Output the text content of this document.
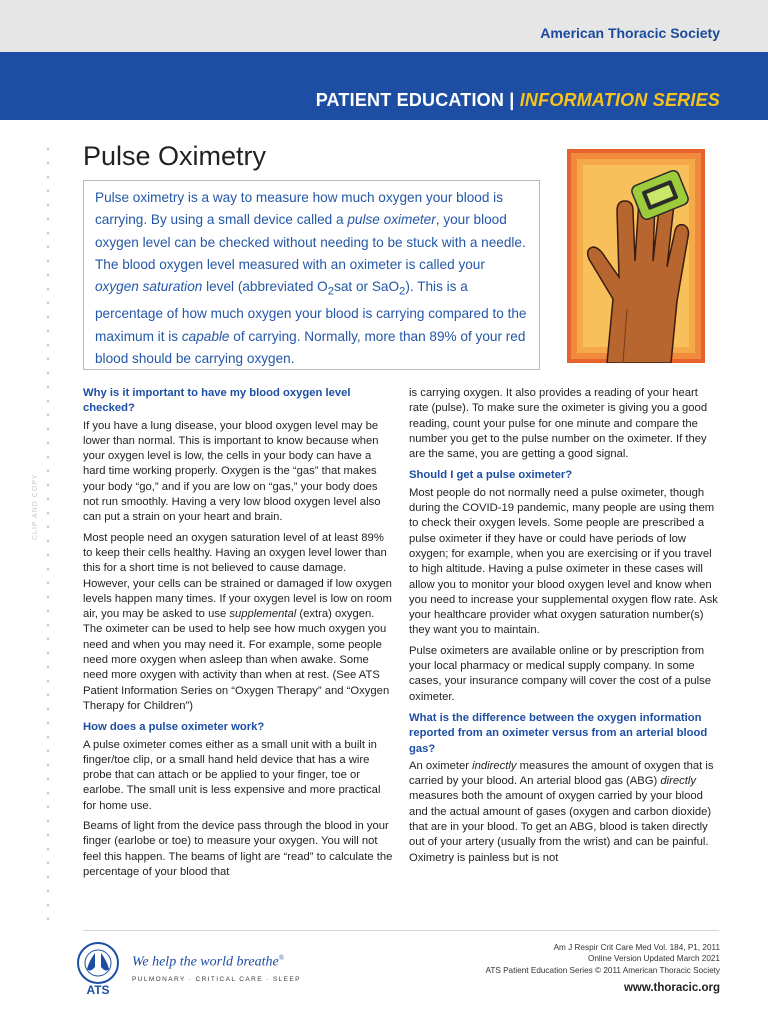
American Thoracic Society
PATIENT EDUCATION | INFORMATION SERIES
CLIP AND COPY
Pulse Oximetry

Pulse oximetry is a way to measure how much oxygen your blood is carrying. By using a small device called a pulse oximeter, your blood oxygen level can be checked without needing to be stuck with a needle. The blood oxygen level measured with an oximeter is called your oxygen saturation level (abbreviated $O_2sat$ or SaO$_2$). This is a percentage of how much oxygen your blood is carrying compared to the maximum it is capable of carrying. Normally, more than 89% of your red blood should be carrying oxygen.

Why is it important to have my blood oxygen level checked?

If you have a lung disease, your blood oxygen level may be lower than normal. This is important to know because when your oxygen level is low, the cells in your body can have a hard time working properly. Oxygen is the “gas” that makes your body “go,” and if you are low on “gas,” your body does not run smoothly. Having a very low blood oxygen level also can put a strain on your heart and brain.

Most people need an oxygen saturation level of at least 89% to keep their cells healthy. Having an oxygen level lower than this for a short time is not believed to cause damage. However, your cells can be strained or damaged if low oxygen levels happen many times. If your oxygen level is low on room air, you may be asked to use supplemental (extra) oxygen. The oximeter can be used to help see how much oxygen you need and when you may need it. For example, some people need more oxygen when asleep than when awake. Some need more oxygen with activity than when at rest. (See ATS Patient Information Series on “Oxygen Therapy” and “Oxygen Therapy for Children”)

How does a pulse oximeter work?

A pulse oximeter comes either as a small unit with a built in finger/toe clip, or a small hand held device that has a wire probe that can attach or be applied to your finger, toe or earlobe. The small unit is less expensive and more practical for home use.

Beams of light from the device pass through the blood in your finger (earlobe or toe) to measure your oxygen. You will not feel this happen. The beams of light are “read” to calculate the percentage of your blood that

is carrying oxygen. It also provides a reading of your heart rate (pulse). To make sure the oximeter is giving you a good reading, count your pulse for one minute and compare the number you get to the pulse number on the oximeter. If they are the same, you are getting a good signal.

Should I get a pulse oximeter?

Most people do not normally need a pulse oximeter, though during the COVID-19 pandemic, many people are using them to check their oxygen levels. Some people are prescribed a pulse oximeter if they have or could have periods of low oxygen; for example, when you are exercising or if you travel to high altitude. Having a pulse oximeter in these cases will allow you to monitor your blood oxygen level and know when you need to increase your supplemental oxygen flow rate. Ask your healthcare provider what oxygen saturation number(s) they want you to maintain.

Pulse oximeters are available online or by prescription from your local pharmacy or medical supply company. In some cases, your insurance company will cover the cost of a pulse oximeter.

What is the difference between the oxygen information reported from an oximeter versus from an arterial blood gas?

An oximeter indirectly measures the amount of oxygen that is carried by your blood. An arterial blood gas (ABG) directly measures both the amount of oxygen carried by your blood and the actual amount of gases (oxygen and carbon dioxide) that are in your blood. To get an ABG, blood is taken directly out of your artery (usually from the wrist) and can be painful. Oximetry is painless but is not

ATS
We help the world breathe®
PULMONARY · CRITICAL CARE · SLEEP
Am J Respir Crit Care Med Vol. 184, P1, 2011
Online Version Updated March 2021
ATS Patient Education Series © 2011 American Thoracic Society
www.thoracic.org
